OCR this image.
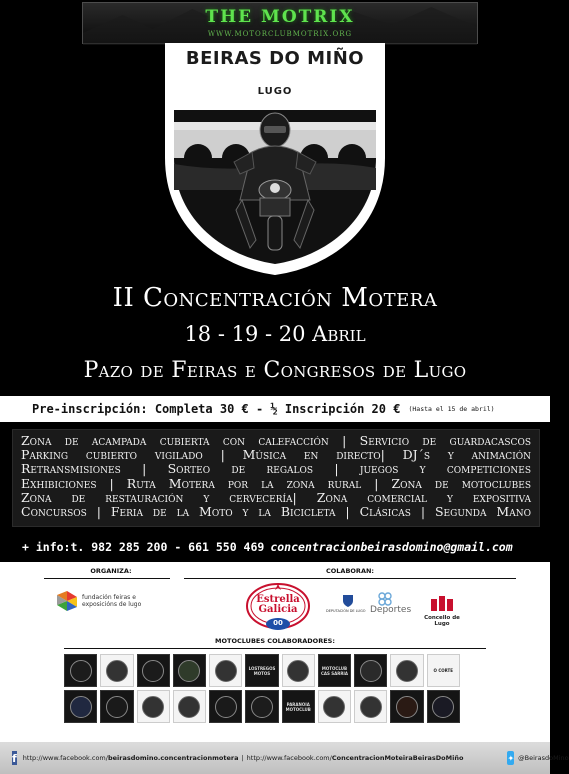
THE MOTRIX
WWW.MOTORCLUBMOTRIX.ORG
BEIRAS DO MIÑO
LUGO
II Concentración Motera
18 - 19 - 20 Abril
Pazo de Feiras e Congresos de Lugo
Pre-inscripción: Completa 30 € - ½ Inscripción 20 € (Hasta el 15 de abril)
Zona de acampada cubierta con calefacción | Servicio de guardacascos
Parking cubierto vigilado | Música en directo| DJ´s y animación
Retransmisiones | Sorteo de regalos | juegos y competiciones
Exhibiciones | Ruta Motera por la zona rural | Zona de motoclubes
Zona de restauración y cervecería| Zona comercial y expositiva
Concursos | Feria de la Moto y la Bicicleta | Clásicas | Segunda Mano
+ info:t. 982 285 200 - 661 550 469 concentracionbeirasdomino@gmail.com
ORGANIZA:	COLABORAN:
fundación feiras e exposicións de lugo	Estrella
Galicia
00
DEPUTACIÓN DE LUGO Deportes
Concello de Lugo
MOTOCLUBES COLABORADORES:
LOSTREGOS MOTOS
MOTOCLUB CAS SARRIA	O CORTE
PARANOIA MOTOCLUB
f http://www.facebook.com/beirasdomino.concentracionmotera | http://www.facebook.com/ConcentracionMoteiraBeirasDoMiño	✦ @BeirasdoMino
